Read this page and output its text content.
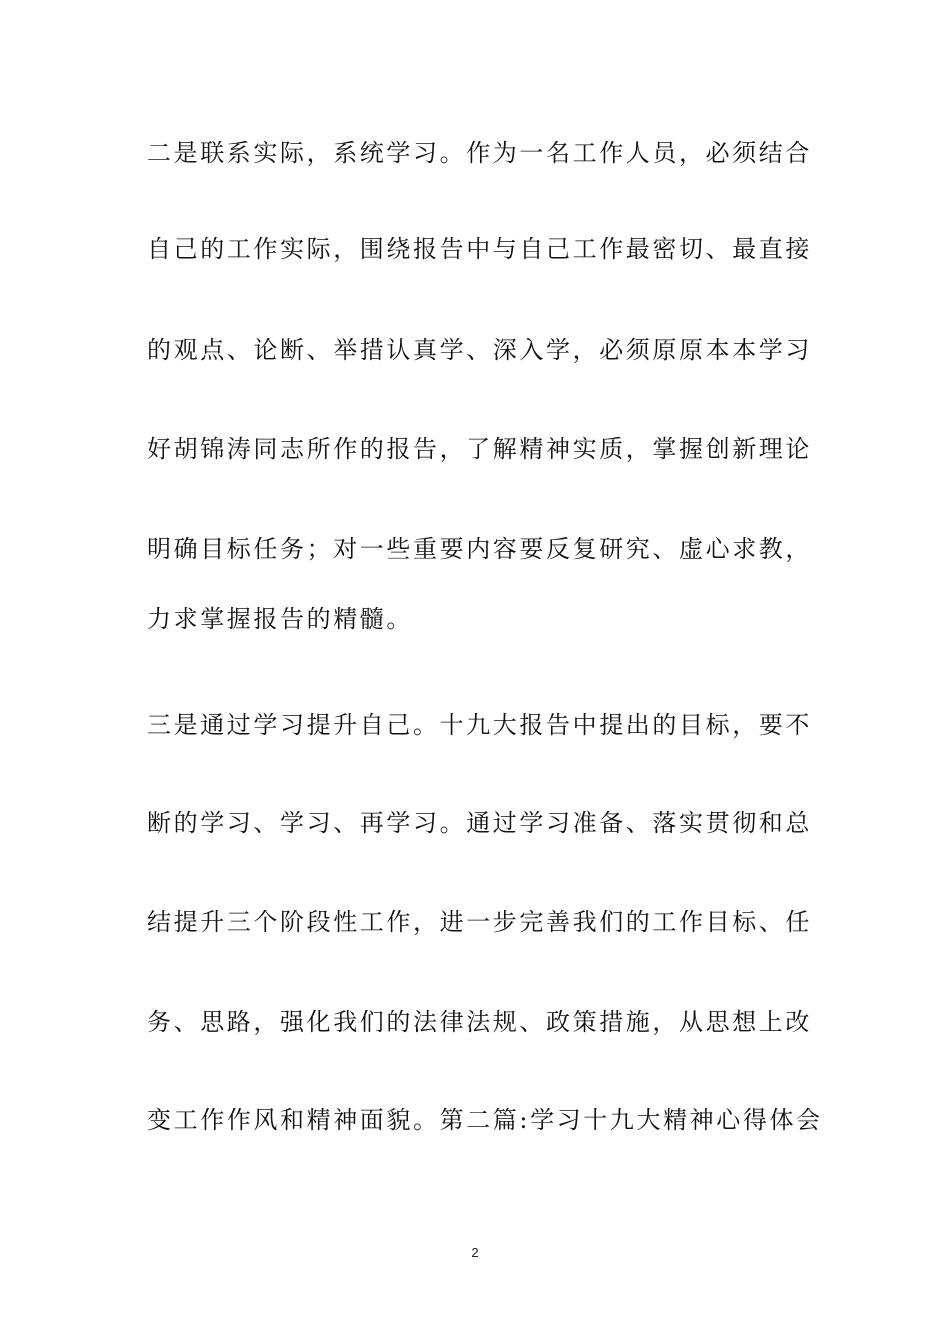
二是联系实际，系统学习。作为一名工作人员，必须结合
自己的工作实际，围绕报告中与自己工作最密切、最直接
的观点、论断、举措认真学、深入学，必须原原本本学习
好胡锦涛同志所作的报告，了解精神实质，掌握创新理论
明确目标任务；对一些重要内容要反复研究、虚心求教，
力求掌握报告的精髓。
三是通过学习提升自己。十九大报告中提出的目标，要不
断的学习、学习、再学习。通过学习准备、落实贯彻和总
结提升三个阶段性工作，进一步完善我们的工作目标、任
务、思路，强化我们的法律法规、政策措施，从思想上改
变工作作风和精神面貌。第二篇:学习十九大精神心得体会
2
